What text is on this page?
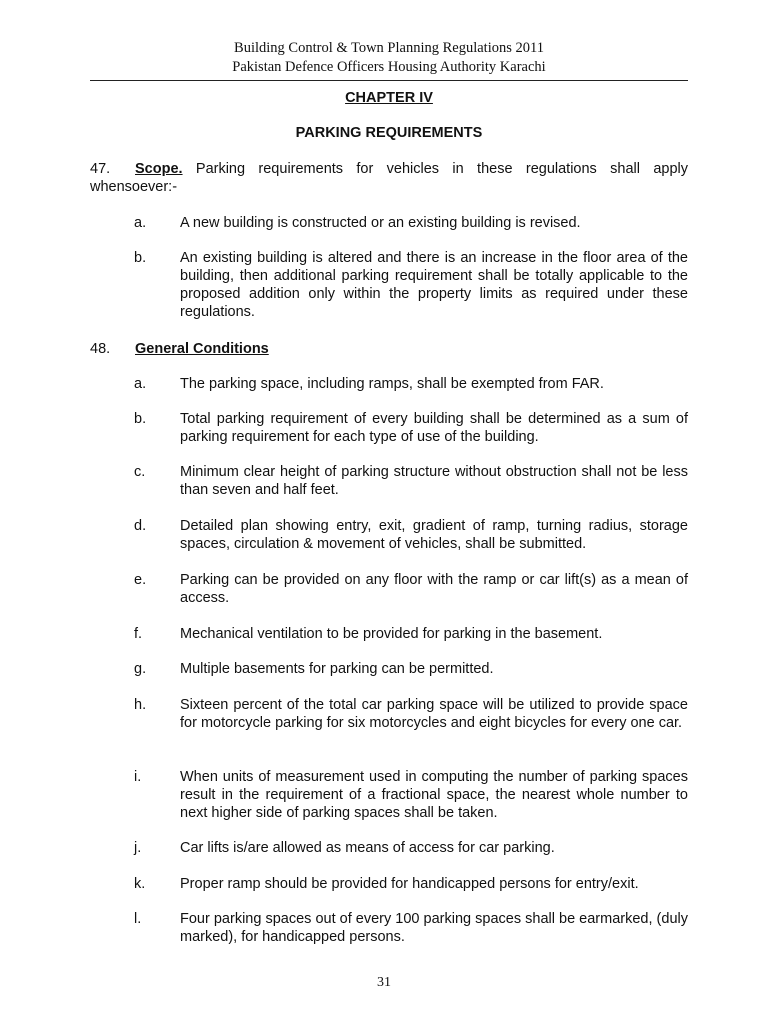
Building Control & Town Planning Regulations 2011
Pakistan Defence Officers Housing Authority Karachi
CHAPTER IV
PARKING REQUIREMENTS
47. Scope. Parking requirements for vehicles in these regulations shall apply whensoever:-
a.	A new building is constructed or an existing building is revised.
b.	An existing building is altered and there is an increase in the floor area of the building, then additional parking requirement shall be totally applicable to the proposed addition only within the property limits as required under these regulations.
48. General Conditions
a.	The parking space, including ramps, shall be exempted from FAR.
b.	Total parking requirement of every building shall be determined as a sum of parking requirement for each type of use of the building.
c.	Minimum clear height of parking structure without obstruction shall not be less than seven and half feet.
d.	Detailed plan showing entry, exit, gradient of ramp, turning radius, storage spaces, circulation & movement of vehicles, shall be submitted.
e.	Parking can be provided on any floor with the ramp or car lift(s) as a mean of access.
f.	Mechanical ventilation to be provided for parking in the basement.
g.	Multiple basements for parking can be permitted.
h.	Sixteen percent of the total car parking space will be utilized to provide space for motorcycle parking for six motorcycles and eight bicycles for every one car.
i.	When units of measurement used in computing the number of parking spaces result in the requirement of a fractional space, the nearest whole number to next higher side of parking spaces shall be taken.
j.	Car lifts is/are allowed as means of access for car parking.
k.	Proper ramp should be provided for handicapped persons for entry/exit.
l.	Four parking spaces out of every 100 parking spaces shall be earmarked, (duly marked), for handicapped persons.
31
